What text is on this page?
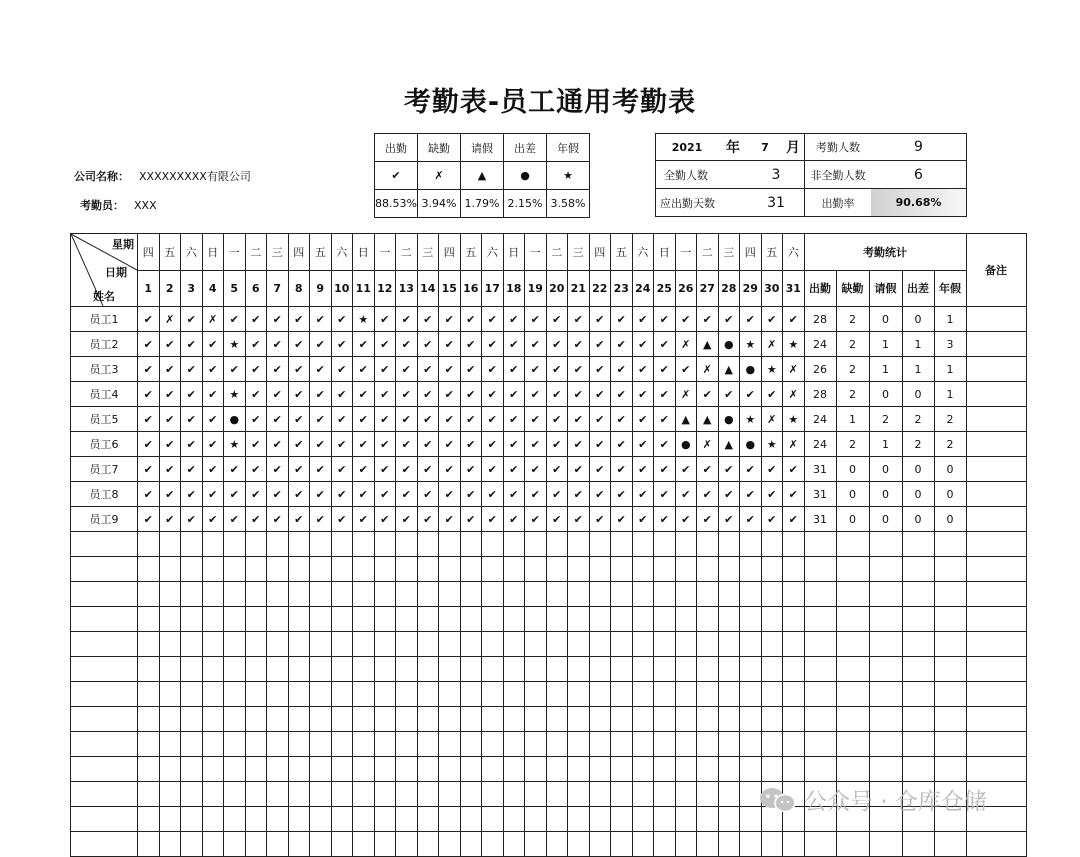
考勤表-员工通用考勤表
公司名称： XXXXXXXXX有限公司
考勤员： XXX
出勤	缺勤	请假	出差	年假
✔	✗	▲	●	★
88.53%	3.94%	1.79%	2.15%	3.58%
2021	年	7	月	考勤人数	9
全勤人数		3		非全勤人数	6
应出勤天数		31		出勤率	90.68%
星期
日期
姓名	四	五	六	日	一	二	三	四	五	六	日	一	二	三	四	五	六	日	一	二	三	四	五	六	日	一	二	三	四	五	六	考勤统计					备注
	1	2	3	4	5	6	7	8	9	10	11	12	13	14	15	16	17	18	19	20	21	22	23	24	25	26	27	28	29	30	31	出勤	缺勤	请假	出差	年假	

员工1	✔	✗	✔	✗	✔	✔	✔	✔	✔	✔	★	✔	✔	✔	✔	✔	✔	✔	✔	✔	✔	✔	✔	✔	✔	✔	✔	✔	✔	✔	✔	28	2	0	0	1	
员工2	✔	✔	✔	✔	★	✔	✔	✔	✔	✔	✔	✔	✔	✔	✔	✔	✔	✔	✔	✔	✔	✔	✔	✔	✔	✗	▲	●	★	✗	★	24	2	1	1	3	
员工3	✔	✔	✔	✔	✔	✔	✔	✔	✔	✔	✔	✔	✔	✔	✔	✔	✔	✔	✔	✔	✔	✔	✔	✔	✔	✔	✗	▲	●	★	✗	26	2	1	1	1	
员工4	✔	✔	✔	✔	★	✔	✔	✔	✔	✔	✔	✔	✔	✔	✔	✔	✔	✔	✔	✔	✔	✔	✔	✔	✔	✗	✔	✔	✔	✔	✗	28	2	0	0	1	
员工5	✔	✔	✔	✔	●	✔	✔	✔	✔	✔	✔	✔	✔	✔	✔	✔	✔	✔	✔	✔	✔	✔	✔	✔	✔	▲	▲	●	★	✗	★	24	1	2	2	2	
员工6	✔	✔	✔	✔	★	✔	✔	✔	✔	✔	✔	✔	✔	✔	✔	✔	✔	✔	✔	✔	✔	✔	✔	✔	✔	●	✗	▲	●	★	✗	24	2	1	2	2	
员工7	✔	✔	✔	✔	✔	✔	✔	✔	✔	✔	✔	✔	✔	✔	✔	✔	✔	✔	✔	✔	✔	✔	✔	✔	✔	✔	✔	✔	✔	✔	✔	31	0	0	0	0	
员工8	✔	✔	✔	✔	✔	✔	✔	✔	✔	✔	✔	✔	✔	✔	✔	✔	✔	✔	✔	✔	✔	✔	✔	✔	✔	✔	✔	✔	✔	✔	✔	31	0	0	0	0	
员工9	✔	✔	✔	✔	✔	✔	✔	✔	✔	✔	✔	✔	✔	✔	✔	✔	✔	✔	✔	✔	✔	✔	✔	✔	✔	✔	✔	✔	✔	✔	✔	31	0	0	0	0	

公众号 · 仓库仓储
